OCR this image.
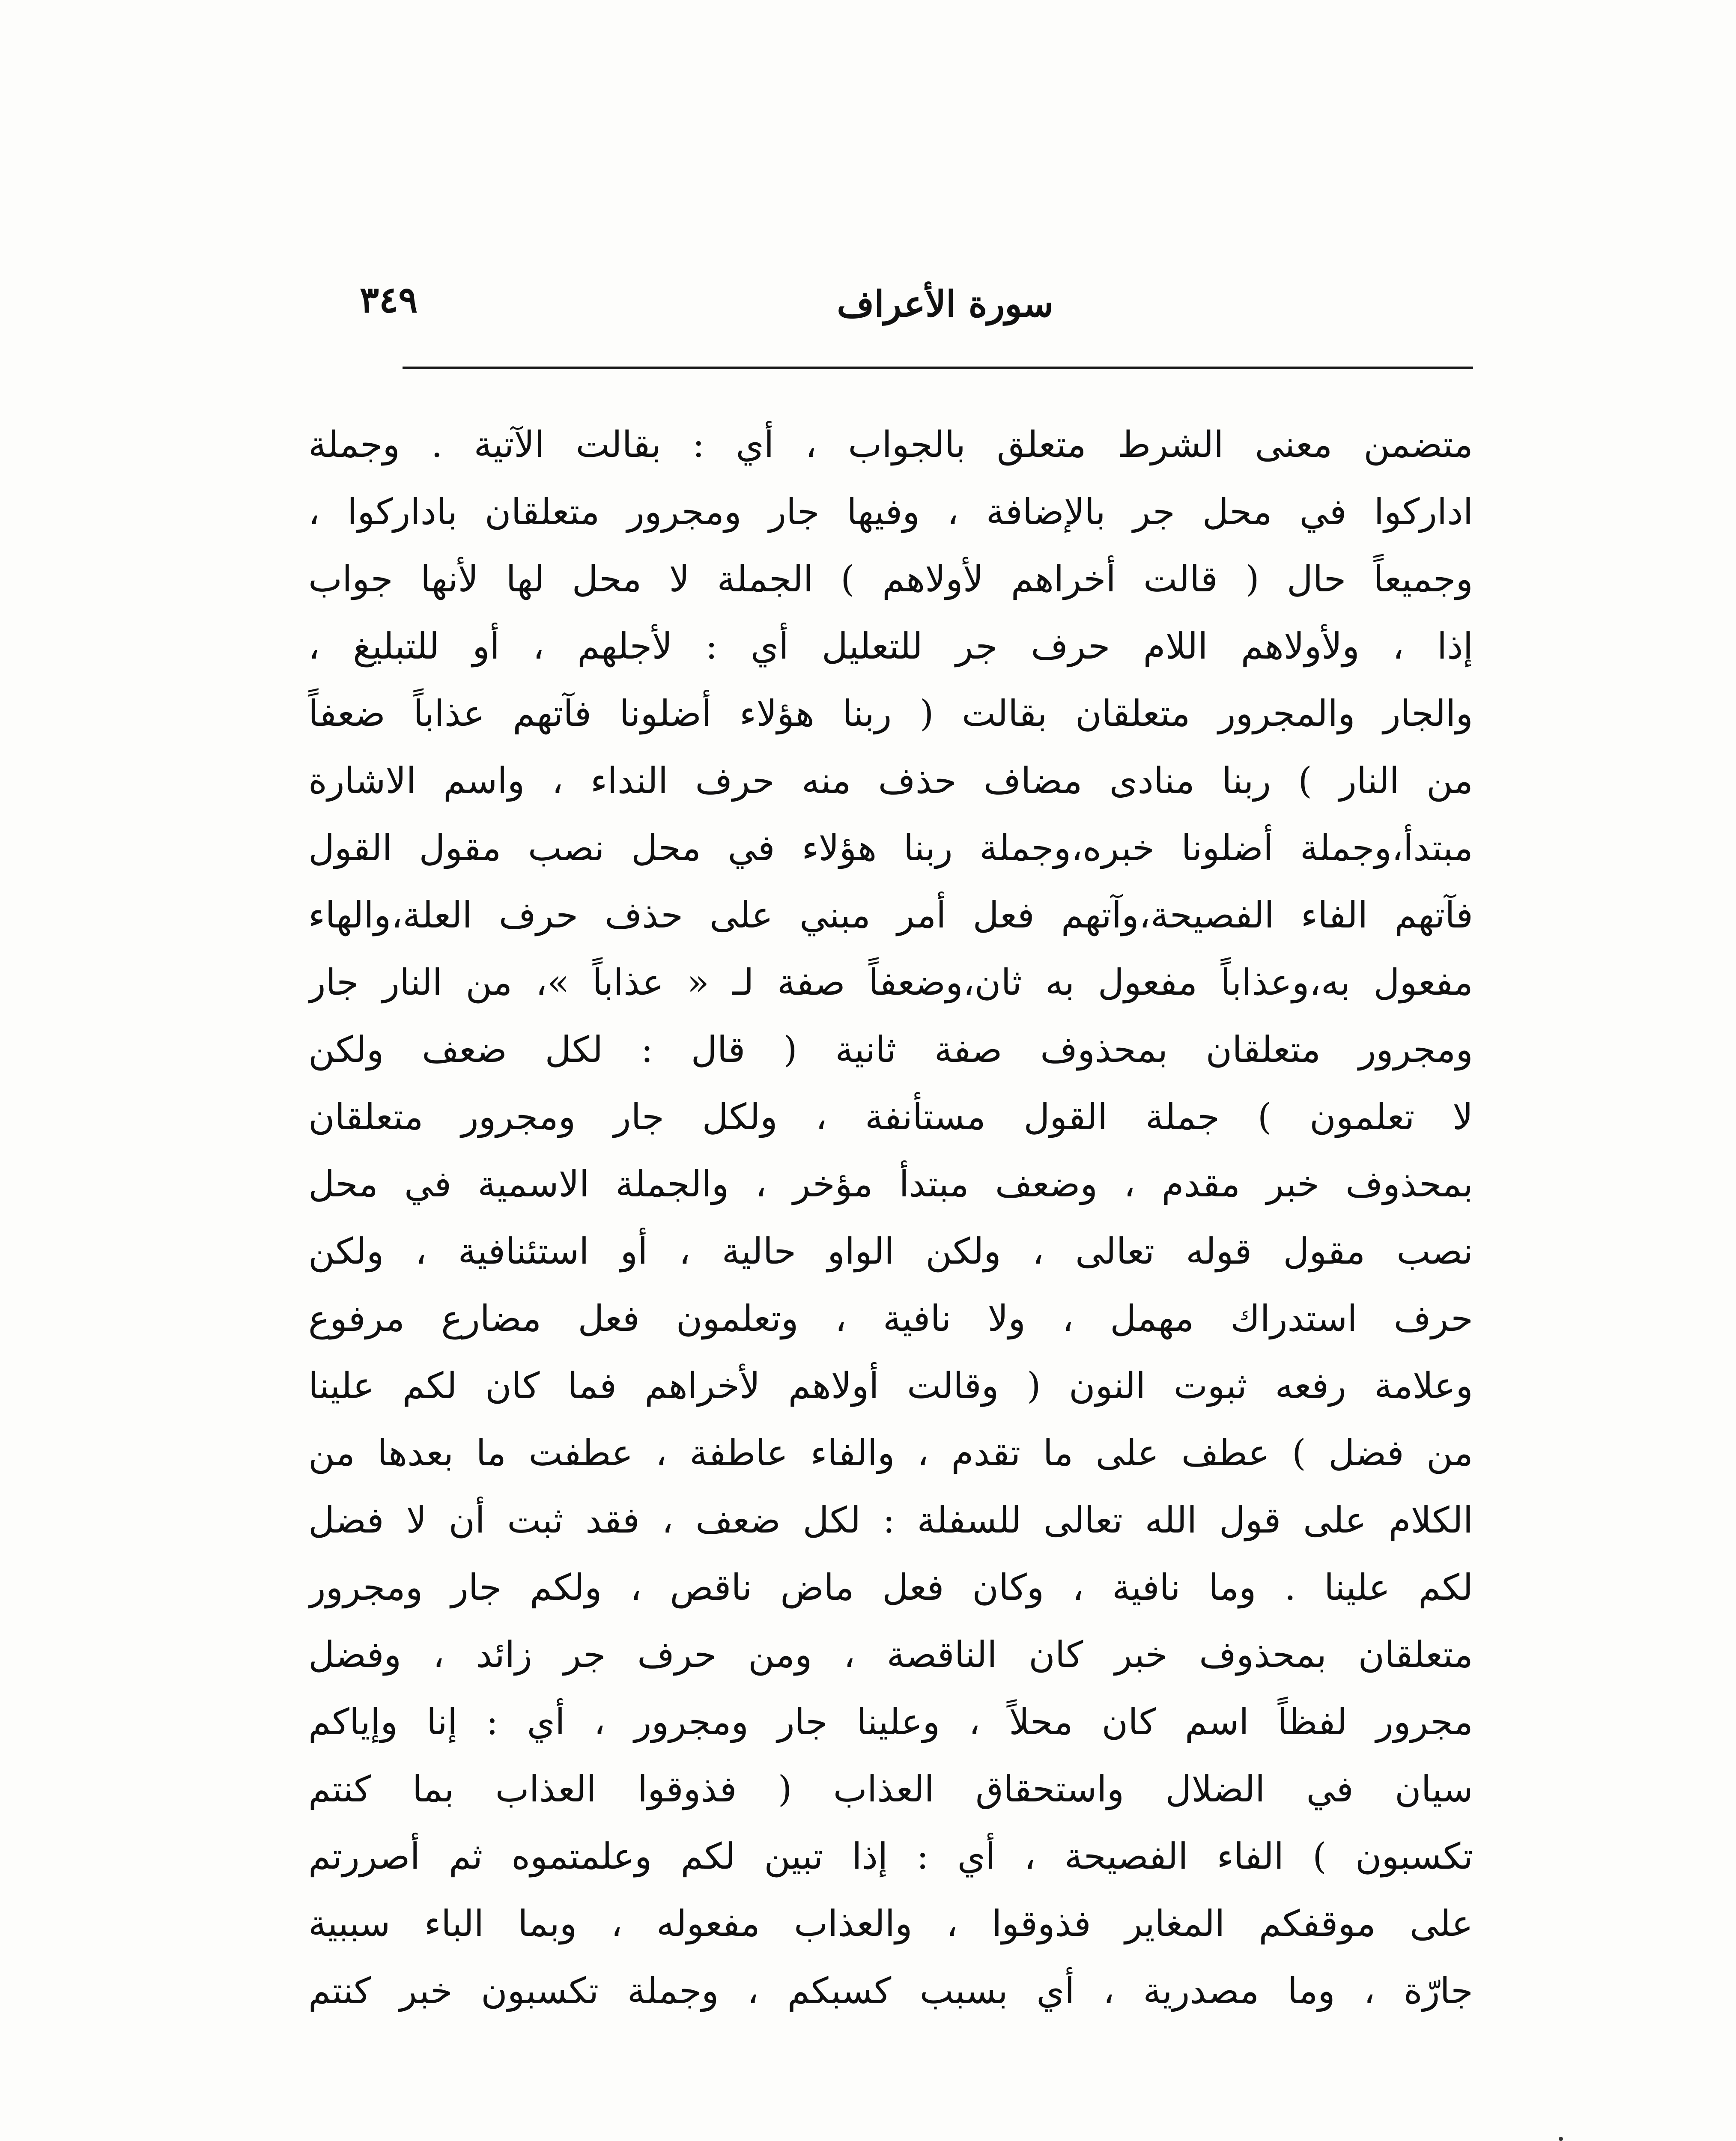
سورة الأعراف
٣٤٩
متضمن معنى الشرط متعلق بالجواب ، أي : بقالت الآتية . وجملة
اداركوا في محل جر بالإضافة ، وفيها جار ومجرور متعلقان باداركوا ،
وجميعاً حال ( قالت أخراهم لأولاهم ) الجملة لا محل لها لأنها جواب
إذا ، ولأولاهم اللام حرف جر للتعليل أي : لأجلهم ، أو للتبليغ ،
والجار والمجرور متعلقان بقالت ( ربنا هؤلاء أضلونا فآتهم عذاباً ضعفاً
من النار ) ربنا منادى مضاف حذف منه حرف النداء ، واسم الاشارة
مبتدأ،وجملة أضلونا خبره،وجملة ربنا هؤلاء في محل نصب مقول القول
فآتهم الفاء الفصيحة،وآتهم فعل أمر مبني على حذف حرف العلة،والهاء
مفعول به،وعذاباً مفعول به ثان،وضعفاً صفة لـ « عذاباً »، من النار جار
ومجرور متعلقان بمحذوف صفة ثانية ( قال : لكل ضعف ولكن
لا تعلمون ) جملة القول مستأنفة ، ولكل جار ومجرور متعلقان
بمحذوف خبر مقدم ، وضعف مبتدأ مؤخر ، والجملة الاسمية في محل
نصب مقول قوله تعالى ، ولكن الواو حالية ، أو استئنافية ، ولكن
حرف استدراك مهمل ، ولا نافية ، وتعلمون فعل مضارع مرفوع
وعلامة رفعه ثبوت النون ( وقالت أولاهم لأخراهم فما كان لكم علينا
من فضل ) عطف على ما تقدم ، والفاء عاطفة ، عطفت ما بعدها من
الكلام على قول الله تعالى للسفلة : لكل ضعف ، فقد ثبت أن لا فضل
لكم علينا . وما نافية ، وكان فعل ماض ناقص ، ولكم جار ومجرور
متعلقان بمحذوف خبر كان الناقصة ، ومن حرف جر زائد ، وفضل
مجرور لفظاً اسم كان محلاً ، وعلينا جار ومجرور ، أي : إنا وإياكم
سيان في الضلال واستحقاق العذاب ( فذوقوا العذاب بما كنتم
تكسبون ) الفاء الفصيحة ، أي : إذا تبين لكم وعلمتموه ثم أصررتم
على موقفكم المغاير فذوقوا ، والعذاب مفعوله ، وبما الباء سببية
جارّة ، وما مصدرية ، أي بسبب كسبكم ، وجملة تكسبون خبر كنتم
